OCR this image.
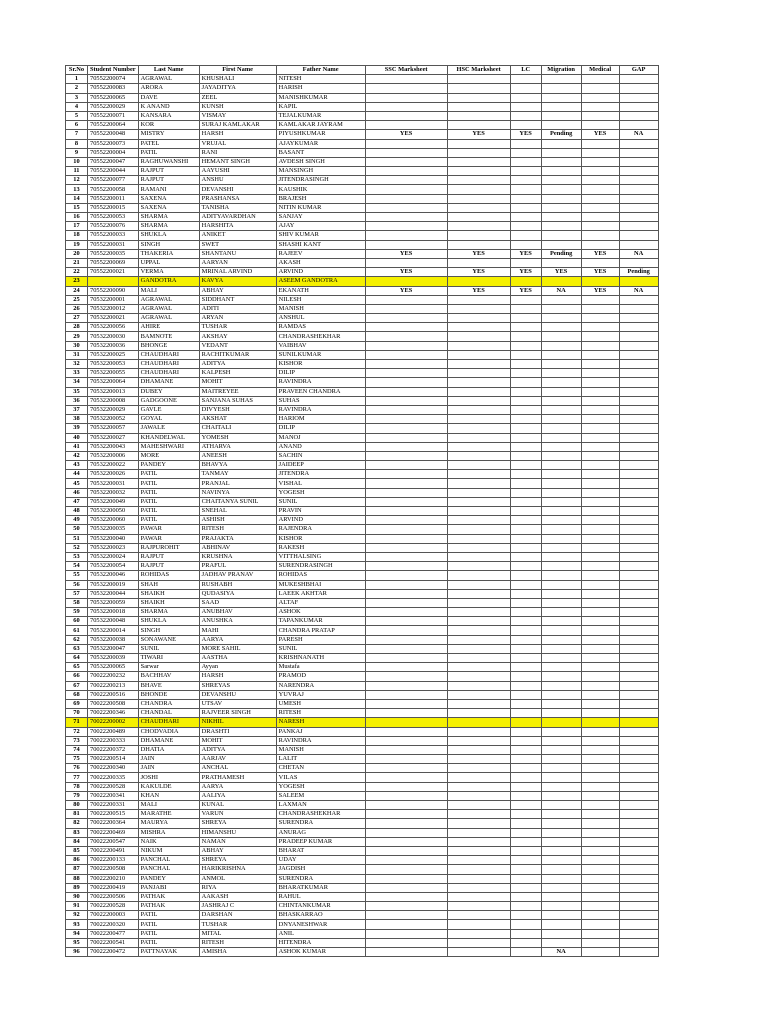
Sr.No	Student Number	Last Name	First Name	Father Name	SSC Marksheet	HSC Marksheet	LC	Migration	Medical	GAP
1	70552200074	AGRAWAL	KHUSHALI	NITESH						
2	70552200083	ARORA	JAYADITYA	HARISH						
3	70552200065	DAVE	ZEEL	MANISHKUMAR						
4	70552200029	K ANAND	KUNSH	KAPIL						
5	70552200071	KANSARA	VISMAY	TEJALKUMAR						
6	70552200064	KOR	SURAJ KAMLAKAR	KAMLAKAR JAYRAM						
7	70552200048	MISTRY	HARSH	PIYUSHKUMAR	YES	YES	YES	Pending	YES	NA
8	70552200073	PATEL	VRUJAL	AJAYKUMAR						
9	70552200004	PATIL	RANI	BASANT						
10	70552200047	RAGHUWANSHI	HEMANT SINGH	AVDESH SINGH						
11	70552200044	RAJPUT	AAYUSHI	MANSINGH						
12	70552200077	RAJPUT	ANSHU	JITENDRASINGH						
13	70552200058	RAMANI	DEVANSHI	KAUSHIK						
14	70552200011	SAXENA	PRASHANSA	BRAJESH						
15	70552200015	SAXENA	TANISHA	NITIN KUMAR						
16	70552200053	SHARMA	ADITYAVARDHAN	SANJAY						
17	70552200076	SHARMA	HARSHITA	AJAY						
18	70552200033	SHUKLA	ANIKET	SHIV KUMAR						
19	70552200031	SINGH	SWET	SHASHI KANT						
20	70552200035	THAKERIA	SHANTANU	RAJEEV	YES	YES	YES	Pending	YES	NA
21	70552200069	UPPAL	AARYAN	AKASH						
22	70552200021	VERMA	MRINAL ARVIND	ARVIND	YES	YES	YES	YES	YES	Pending
23		GANDOTRA	KAVYA	ASEEM GANDOTRA						
24	70552200090	MALI	ABHAY	EKANATH	YES	YES	YES	NA	YES	NA
25	70532200001	AGRAWAL	SIDDHANT	NILESH						
26	70532200012	AGRAWAL	ADITI	MANISH						
27	70532200021	AGRAWAL	ARYAN	ANSHUL						
28	70532200056	AHIRE	TUSHAR	RAMDAS						
29	70532200030	BAMNOTE	AKSHAY	CHANDRASHEKHAR						
30	70532200036	BHONGE	VEDANT	VAIBHAV						
31	70532200025	CHAUDHARI	RACHITKUMAR	SUNILKUMAR						
32	70532200053	CHAUDHARI	ADITYA	KISHOR						
33	70532200055	CHAUDHARI	KALPESH	DILIP						
34	70532200064	DHAMANE	MOHIT	RAVINDRA						
35	70532200013	DUBEY	MAITREYEE	PRAVEEN CHANDRA						
36	70532200008	GADGOONE	SANJANA SUHAS	SUHAS						
37	70532200029	GAVLE	DIVYESH	RAVINDRA						
38	70532200052	GOYAL	AKSHAT	HARIOM						
39	70532200057	JAWALE	CHAITALI	DILIP						
40	70532200027	KHANDELWAL	YOMESH	MANOJ						
41	70532200043	MAHESHWARI	ATHARVA	ANAND						
42	70532200006	MORE	ANEESH	SACHIN						
43	70532200022	PANDEY	BHAVYA	JAIDEEP						
44	70532200026	PATIL	TANMAY	JITENDRA						
45	70532200031	PATIL	PRANJAL	VISHAL						
46	70532200032	PATIL	NAVINYA	YOGESH						
47	70532200049	PATIL	CHAITANYA SUNIL	SUNIL						
48	70532200050	PATIL	SNEHAL	PRAVIN						
49	70532200060	PATIL	ASHISH	ARVIND						
50	70532200035	PAWAR	RITESH	RAJENDRA						
51	70532200040	PAWAR	PRAJAKTA	KISHOR						
52	70532200023	RAJPUROHIT	ABHINAV	RAKESH						
53	70532200024	RAJPUT	KRUSHNA	VITTHALSING						
54	70532200054	RAJPUT	PRAFUL	SURENDRASINGH						
55	70532200046	ROHIDAS	JADHAV PRANAV	ROHIDAS						
56	70532200019	SHAH	RUSHABH	MUKESHBHAI						
57	70532200044	SHAIKH	QUDASIYA	LAEEK AKHTAR						
58	70532200059	SHAIKH	SAAD	ALTAF						
59	70532200018	SHARMA	ANUBHAV	ASHOK						
60	70532200048	SHUKLA	ANUSHKA	TAPANKUMAR						
61	70532200014	SINGH	MAHI	CHANDRA PRATAP						
62	70532200038	SONAWANE	AARYA	PARESH						
63	70532200047	SUNIL	MORE SAHIL	SUNIL						
64	70532200039	TIWARI	AASTHA	KRISHNANATH						
65	70532200065	Sarwar	Ayyan	Mustafa						
66	70022200232	BACHHAV	HARSH	PRAMOD						
67	70022200213	BHAVE	SHREYAS	NARENDRA						
68	70022200516	BHONDE	DEVANSHU	YUVRAJ						
69	70022200508	CHANDRA	UTSAV	UMESH						
70	70022200346	CHANDAL	RAJVEER SINGH	RITESH						
71	70022200002	CHAUDHARI	NIKHIL	NARESH						
72	70022200489	CHODVADIA	DRASHTI	PANKAJ						
73	70022200333	DHAMANE	MOHIT	RAVINDRA						
74	70022200372	DHATIA	ADITYA	MANISH						
75	70022200514	JAIN	AARJAV	LALIT						
76	70022200340	JAIN	ANCHAL	CHETAN						
77	70022200335	JOSHI	PRATHAMESH	VILAS						
78	70022200528	KAKULDE	AARYA	YOGESH						
79	70022200341	KHAN	AALIYA	SALEEM						
80	70022200331	MALI	KUNAL	LAXMAN						
81	70022200515	MARATHE	VARUN	CHANDRASHEKHAR						
82	70022200364	MAURYA	SHREYA	SURENDRA						
83	70022200469	MISHRA	HIMANSHU	ANURAG						
84	70022200547	NAIK	NAMAN	PRADEEP KUMAR						
85	70022200491	NIKUM	ABHAY	BHARAT						
86	70022200133	PANCHAL	SHREYA	UDAY						
87	70022200508	PANCHAL	HARIKRISHNA	JAGDISH						
88	70022200210	PANDEY	ANMOL	SURENDRA						
89	70022200419	PANJABI	RIYA	BHARATKUMAR						
90	70022200506	PATHAK	AAKASH	RAHUL						
91	70022200528	PATHAK	JASHRAJ C	CHINTANKUMAR						
92	70022200003	PATIL	DARSHAN	BHASKARRAO						
93	70022200320	PATIL	TUSHAR	DNYANESHWAR						
94	70022200477	PATIL	MITAL	ANIL						
95	70022200541	PATIL	RITESH	HITENDRA						
96	70022200472	PATTNAYAK	AMISHA	ASHOK KUMAR				NA		
